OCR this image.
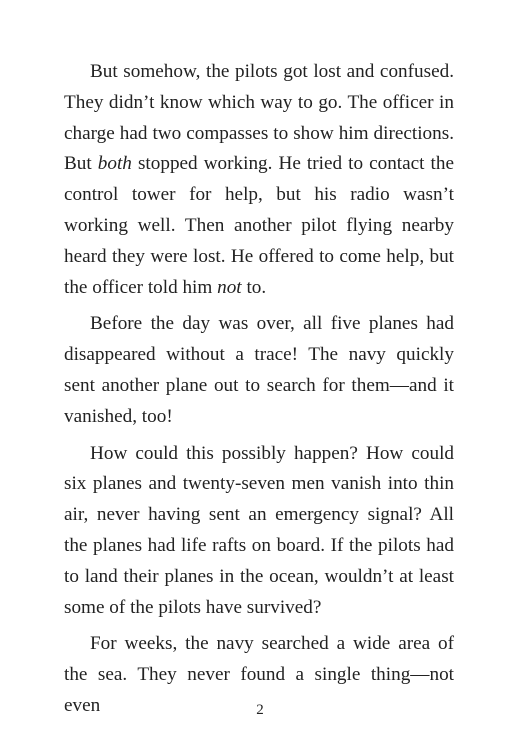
But somehow, the pilots got lost and confused. They didn’t know which way to go. The officer in charge had two compasses to show him directions. But both stopped working. He tried to contact the control tower for help, but his radio wasn’t working well. Then another pilot flying nearby heard they were lost. He offered to come help, but the officer told him not to.

Before the day was over, all five planes had disappeared without a trace! The navy quickly sent another plane out to search for them—and it vanished, too!

How could this possibly happen? How could six planes and twenty-seven men vanish into thin air, never having sent an emergency signal? All the planes had life rafts on board. If the pilots had to land their planes in the ocean, wouldn’t at least some of the pilots have survived?

For weeks, the navy searched a wide area of the sea. They never found a single thing—not even	2
